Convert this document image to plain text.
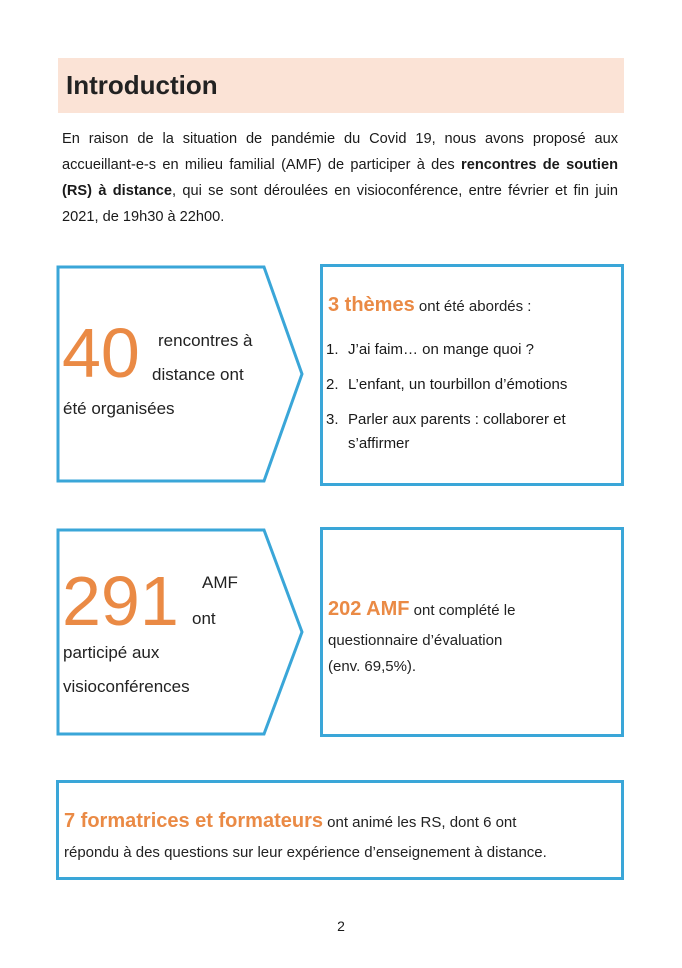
Introduction

En raison de la situation de pandémie du Covid 19, nous avons proposé aux accueillant-e-s en milieu familial (AMF) de participer à des rencontres de soutien (RS) à distance, qui se sont déroulées en visioconférence, entre février et fin juin 2021, de 19h30 à 22h00.

40 rencontres à
distance ont
été organisées
3 thèmes ont été abordés :
1. J’ai faim… on mange quoi ?
2. L’enfant, un tourbillon d’émotions
3. Parler aux parents : collaborer et s’affirmer
291 AMF
ont
participé aux
visioconférences
202 AMF ont complété le
questionnaire d’évaluation
(env. 69,5%).
7 formatrices et formateurs ont animé les RS, dont 6 ont
répondu à des questions sur leur expérience d’enseignement à distance.
2
